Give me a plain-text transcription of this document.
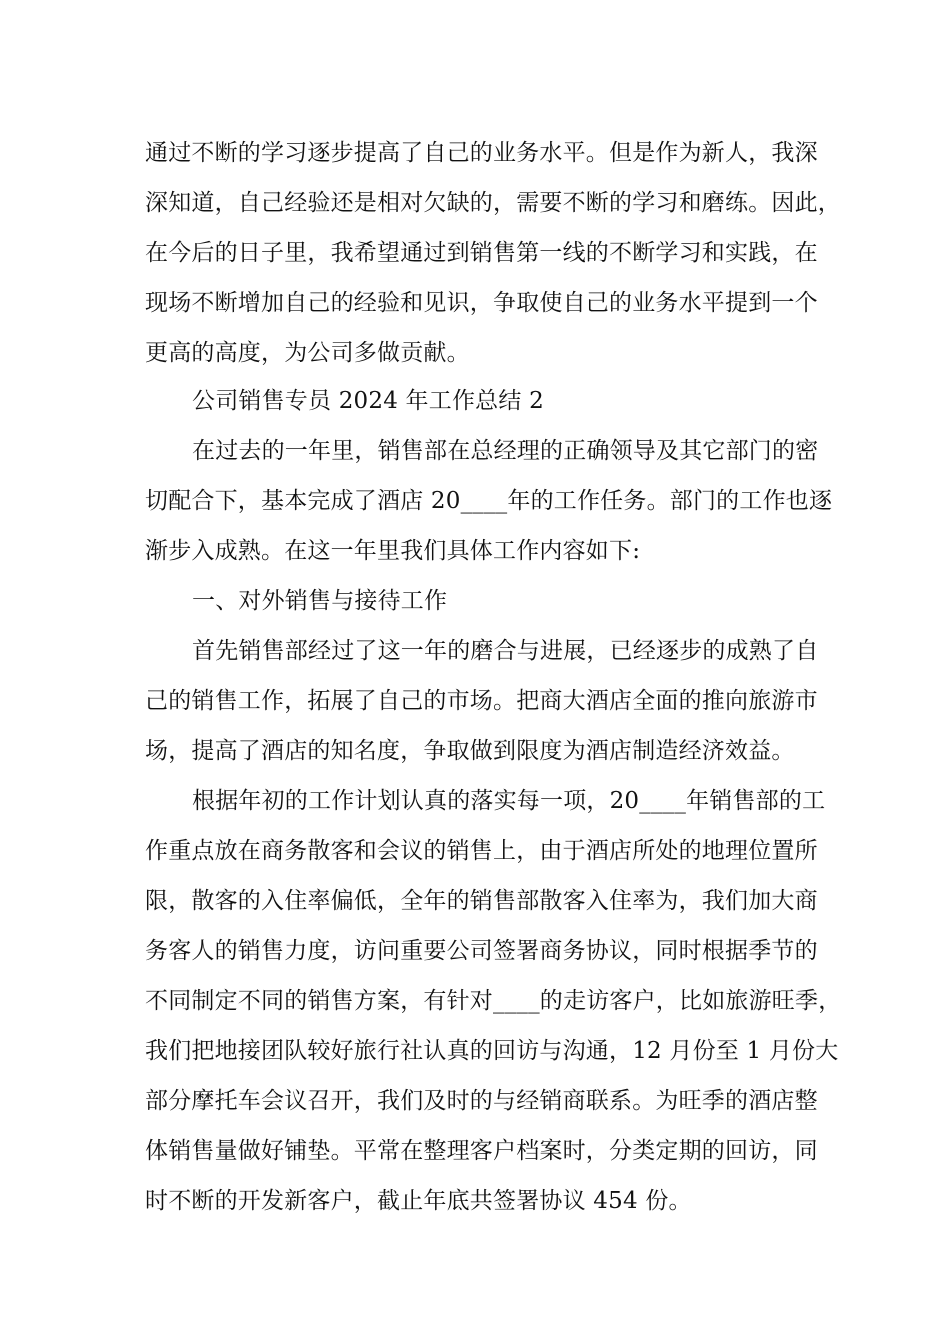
通过不断的学习逐步提高了自己的业务水平。但是作为新人，我深
深知道，自己经验还是相对欠缺的，需要不断的学习和磨练。因此，
在今后的日子里，我希望通过到销售第一线的不断学习和实践，在
现场不断增加自己的经验和见识，争取使自己的业务水平提到一个
更高的高度，为公司多做贡献。
公司销售专员 2024 年工作总结 2
在过去的一年里，销售部在总经理的正确领导及其它部门的密
切配合下，基本完成了酒店 20____年的工作任务。部门的工作也逐
渐步入成熟。在这一年里我们具体工作内容如下:
一、对外销售与接待工作
首先销售部经过了这一年的磨合与进展，已经逐步的成熟了自
己的销售工作，拓展了自己的市场。把商大酒店全面的推向旅游市
场，提高了酒店的知名度，争取做到限度为酒店制造经济效益。
根据年初的工作计划认真的落实每一项，20____年销售部的工
作重点放在商务散客和会议的销售上，由于酒店所处的地理位置所
限，散客的入住率偏低，全年的销售部散客入住率为，我们加大商
务客人的销售力度，访问重要公司签署商务协议，同时根据季节的
不同制定不同的销售方案，有针对____的走访客户，比如旅游旺季，
我们把地接团队较好旅行社认真的回访与沟通，12 月份至 1 月份大
部分摩托车会议召开，我们及时的与经销商联系。为旺季的酒店整
体销售量做好铺垫。平常在整理客户档案时，分类定期的回访，同
时不断的开发新客户，截止年底共签署协议 454 份。
